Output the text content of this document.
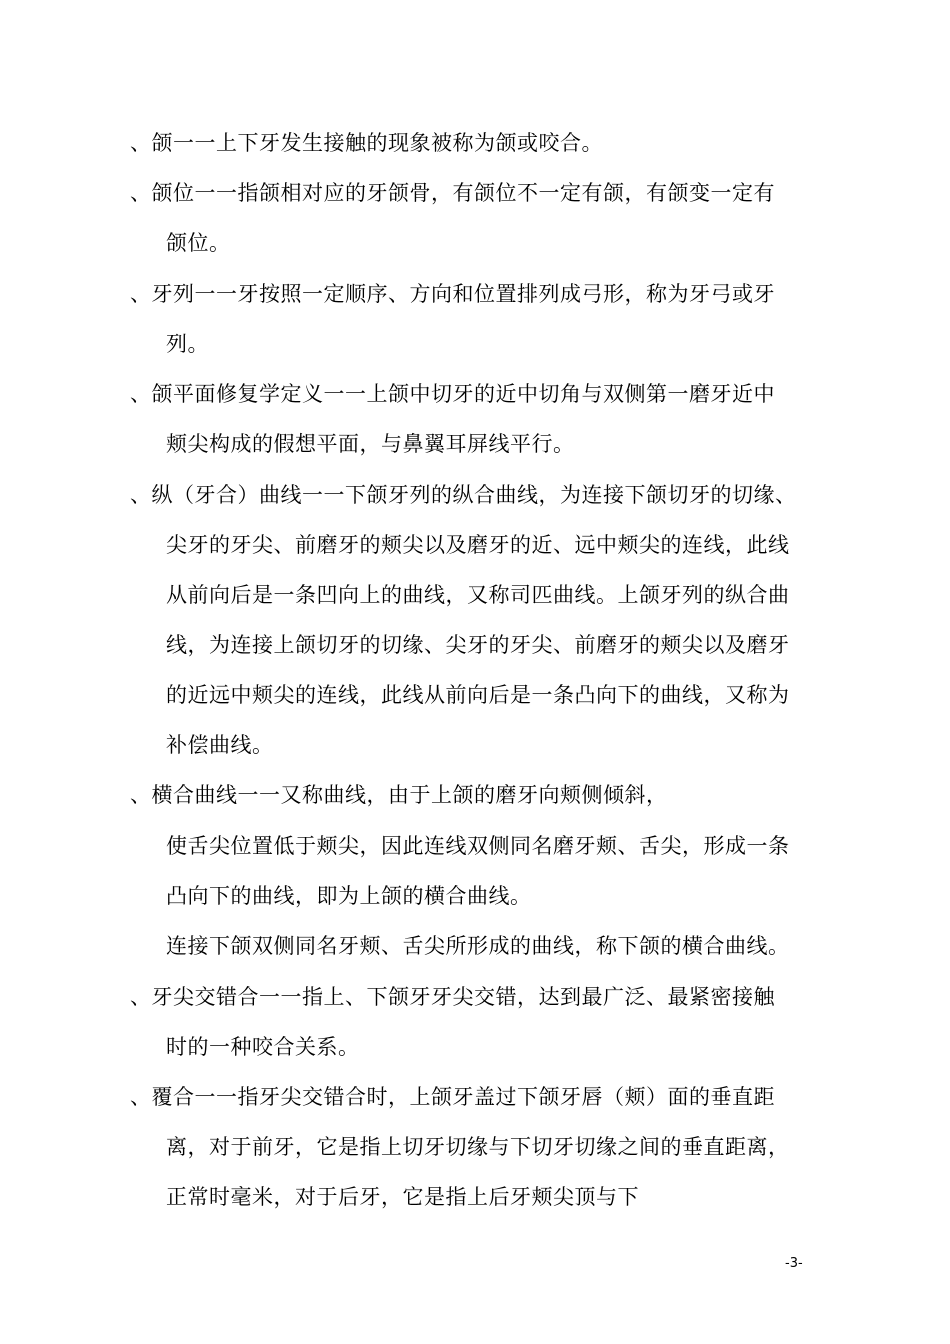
、颌一一上下牙发生接触的现象被称为颌或咬合。
、颌位一一指颌相对应的牙颌骨，有颌位不一定有颌，有颌变一定有
颌位。
、牙列一一牙按照一定顺序、方向和位置排列成弓形，称为牙弓或牙
列。
、颌平面修复学定义一一上颌中切牙的近中切角与双侧第一磨牙近中
颊尖构成的假想平面，与鼻翼耳屏线平行。
、纵（牙合）曲线一一下颌牙列的纵合曲线，为连接下颌切牙的切缘、
尖牙的牙尖、前磨牙的颊尖以及磨牙的近、远中颊尖的连线，此线
从前向后是一条凹向上的曲线，又称司匹曲线。上颌牙列的纵合曲
线，为连接上颌切牙的切缘、尖牙的牙尖、前磨牙的颊尖以及磨牙
的近远中颊尖的连线，此线从前向后是一条凸向下的曲线，又称为
补偿曲线。
、横合曲线一一又称曲线，由于上颌的磨牙向颊侧倾斜，
使舌尖位置低于颊尖，因此连线双侧同名磨牙颊、舌尖，形成一条
凸向下的曲线，即为上颌的横合曲线。
连接下颌双侧同名牙颊、舌尖所形成的曲线，称下颌的横合曲线。
、牙尖交错合一一指上、下颌牙牙尖交错，达到最广泛、最紧密接触
时的一种咬合关系。
、覆合一一指牙尖交错合时，上颌牙盖过下颌牙唇（颊）面的垂直距
离，对于前牙，它是指上切牙切缘与下切牙切缘之间的垂直距离，
正常时毫米，对于后牙，它是指上后牙颊尖顶与下
-3-
